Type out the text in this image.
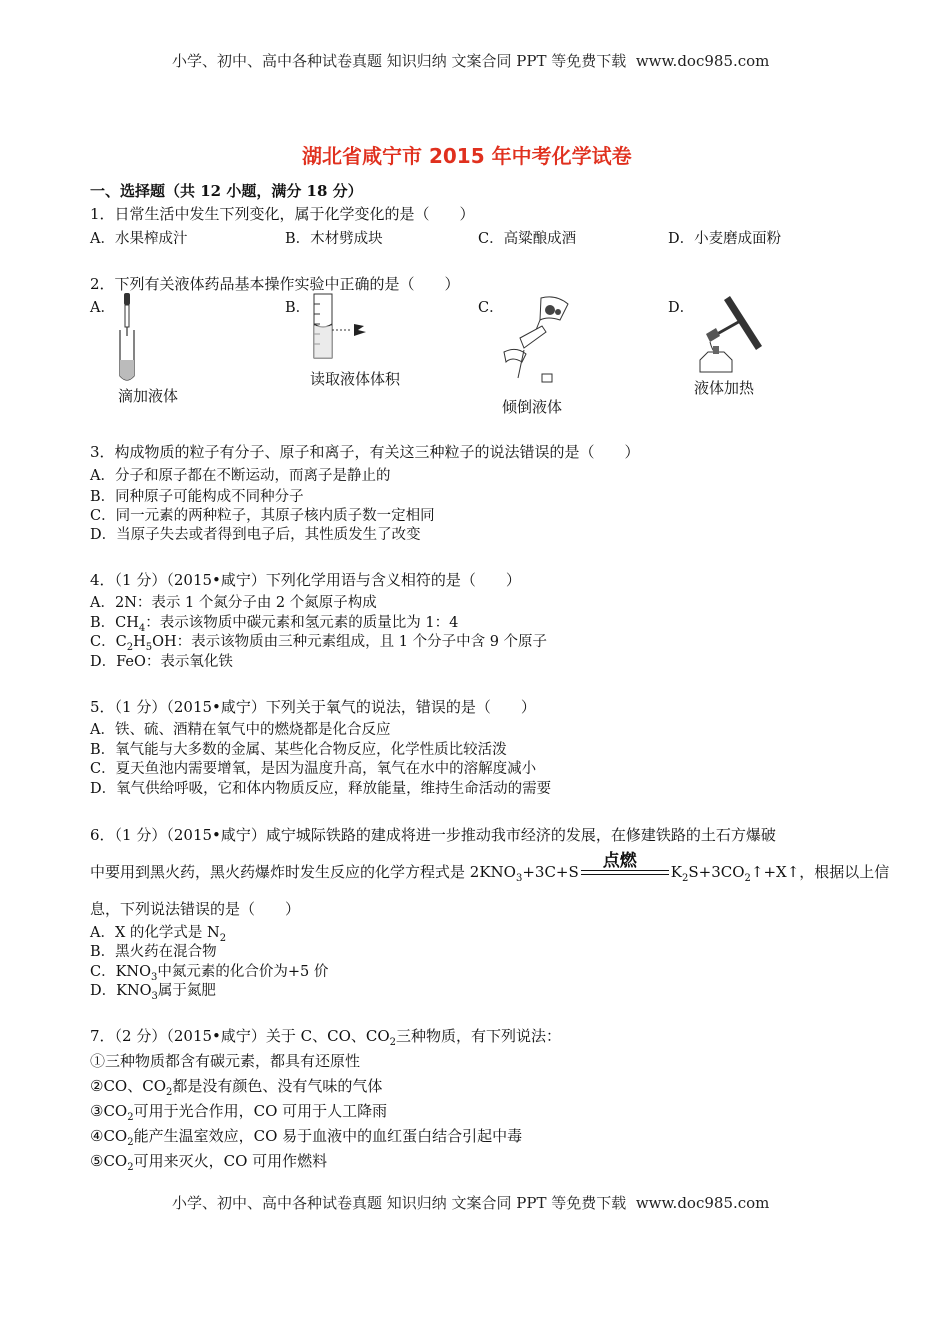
小学、初中、高中各种试卷真题 知识归纳 文案合同 PPT 等免费下载 www.doc985.com
湖北省咸宁市 2015 年中考化学试卷
一、选择题（共 12 小题，满分 18 分）
1．日常生活中发生下列变化，属于化学变化的是（　　）
A．水果榨成汁	B．木材劈成块	C．高粱酿成酒	D．小麦磨成面粉
2．下列有关液体药品基本操作实验中正确的是（　　）
A．	B．	C．	D．
滴加液体
读取液体体积
倾倒液体
液体加热
3．构成物质的粒子有分子、原子和离子，有关这三种粒子的说法错误的是（　　）
A．分子和原子都在不断运动，而离子是静止的
B．同种原子可能构成不同种分子
C．同一元素的两种粒子，其原子核内质子数一定相同
D．当原子失去或者得到电子后，其性质发生了改变
4．（1 分）（2015•咸宁）下列化学用语与含义相符的是（　　）
A．2N：表示 1 个氮分子由 2 个氮原子构成
B．$CH_4$：表示该物质中碳元素和氢元素的质量比为 1：4
C．$C_2H_5OH$：表示该物质由三种元素组成，且 1 个分子中含 9 个原子
D．FeO：表示氧化铁
5．（1 分）（2015•咸宁）下列关于氧气的说法，错误的是（　　）
A．铁、硫、酒精在氧气中的燃烧都是化合反应
B．氧气能与大多数的金属、某些化合物反应，化学性质比较活泼
C．夏天鱼池内需要增氧，是因为温度升高，氧气在水中的溶解度减小
D．氧气供给呼吸，它和体内物质反应，释放能量，维持生命活动的需要
6．（1 分）（2015•咸宁）咸宁城际铁路的建成将进一步推动我市经济的发展，在修建铁路的土石方爆破
中要用到黑火药，黑火药爆炸时发生反应的化学方程式是 $2KNO_3+3C+S$
点燃
$K_2S+3CO_2↑+X↑$，根据以上信
息，下列说法错误的是（　　）
A．X 的化学式是 $N_2$
B．黑火药在混合物
C．$KNO_3$中氮元素的化合价为+5 价
D．$KNO_3$属于氮肥
7．（2 分）（2015•咸宁）关于 C、CO、$CO_2$三种物质，有下列说法：
①三种物质都含有碳元素，都具有还原性
②CO、$CO_2$都是没有颜色、没有气味的气体
$③CO_2$可用于光合作用，CO 可用于人工降雨
$④CO_2$能产生温室效应，CO 易于血液中的血红蛋白结合引起中毒
$⑤CO_2$可用来灭火，CO 可用作燃料
小学、初中、高中各种试卷真题 知识归纳 文案合同 PPT 等免费下载 www.doc985.com
